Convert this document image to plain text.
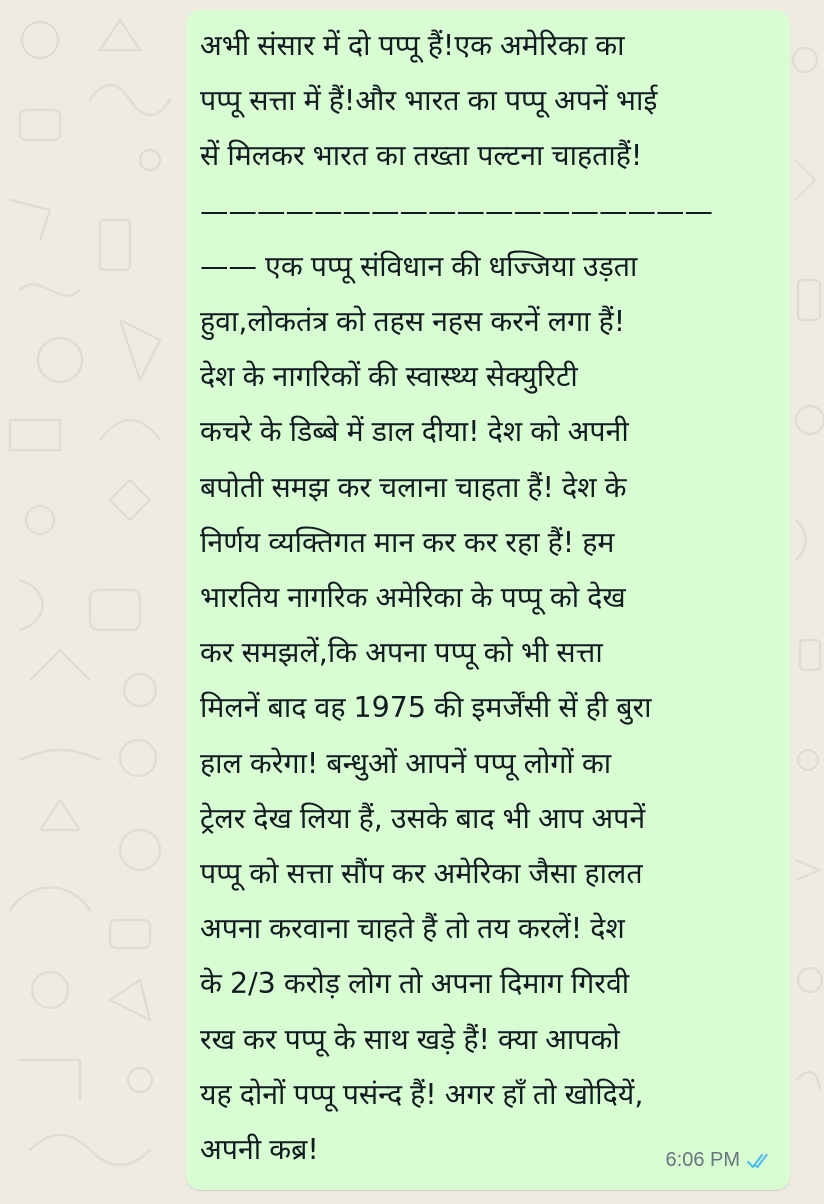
अभी संसार में दो पप्पू हैं!एक अमेरिका का
पप्पू सत्ता में हैं!और भारत का पप्पू अपनें भाई
सें मिलकर भारत का तख्ता पल्टना चाहताहैं!
——————————————————
—— एक पप्पू संविधान की धज्जिया उड़ता
हुवा,लोकतंत्र को तहस नहस करनें लगा हैं!
देश के नागरिकों की स्वास्थ्य सेक्युरिटी
कचरे के डिब्बे में डाल दीया! देश को अपनी
बपोती समझ कर चलाना चाहता हैं! देश के
निर्णय व्यक्तिगत मान कर कर रहा हैं! हम
भारतिय नागरिक अमेरिका के पप्पू को देख
कर समझलें,कि अपना पप्पू को भी सत्ता
मिलनें बाद वह 1975 की इमर्जेंसी सें ही बुरा
हाल करेगा! बन्धुओं आपनें पप्पू लोगों का
ट्रेलर देख लिया हैं, उसके बाद भी आप अपनें
पप्पू को सत्ता सौंप कर अमेरिका जैसा हालत
अपना करवाना चाहते हैं तो तय करलें! देश
के 2/3 करोड़ लोग तो अपना दिमाग गिरवी
रख कर पप्पू के साथ खड़े हैं! क्या आपको
यह दोनों पप्पू पसंन्द हैं! अगर हाँ तो खोदियें,
अपनी कब्र!	6:06 PM
